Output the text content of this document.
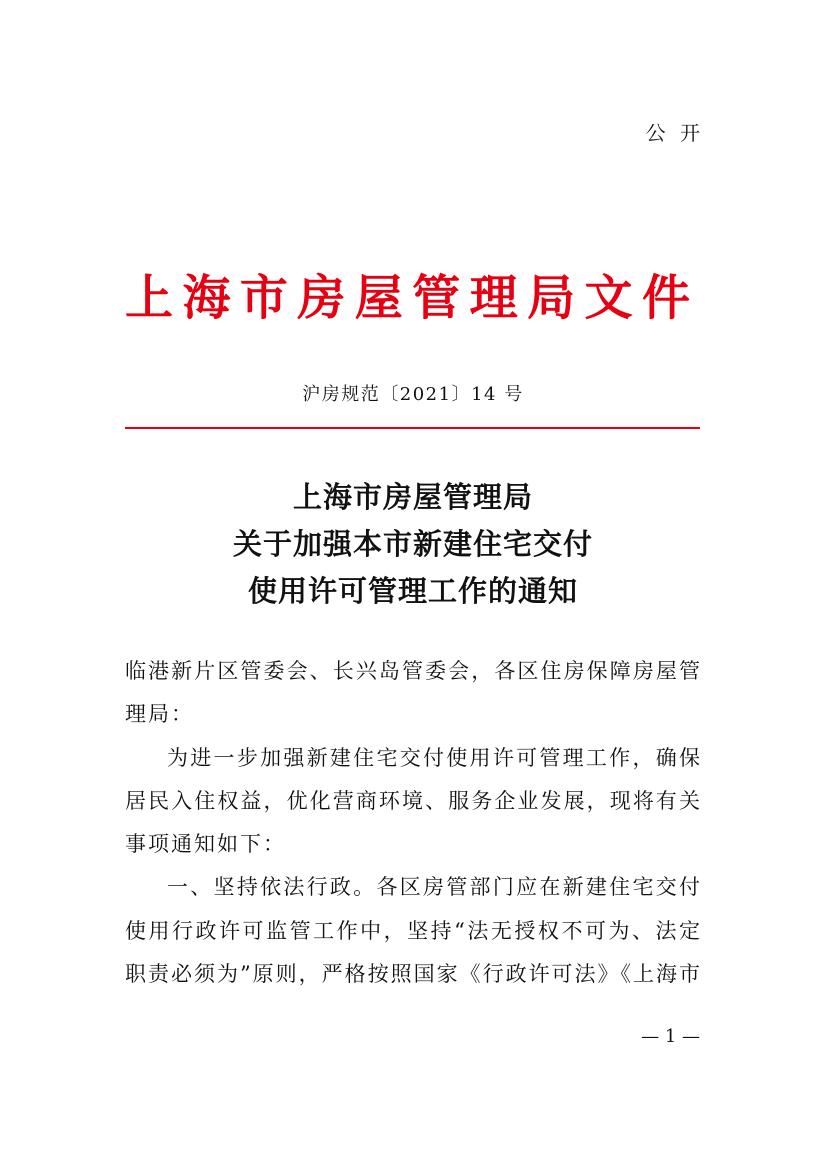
公 开
上海市房屋管理局文件
沪房规范〔2021〕14 号
上海市房屋管理局
关于加强本市新建住宅交付
使用许可管理工作的通知
临港新片区管委会、长兴岛管委会，各区住房保障房屋管
理局：
为进一步加强新建住宅交付使用许可管理工作，确保
居民入住权益，优化营商环境、服务企业发展，现将有关
事项通知如下：
一、坚持依法行政。各区房管部门应在新建住宅交付
使用行政许可监管工作中，坚持“法无授权不可为、法定
职责必须为”原则，严格按照国家《行政许可法》《上海市
— 1 —
